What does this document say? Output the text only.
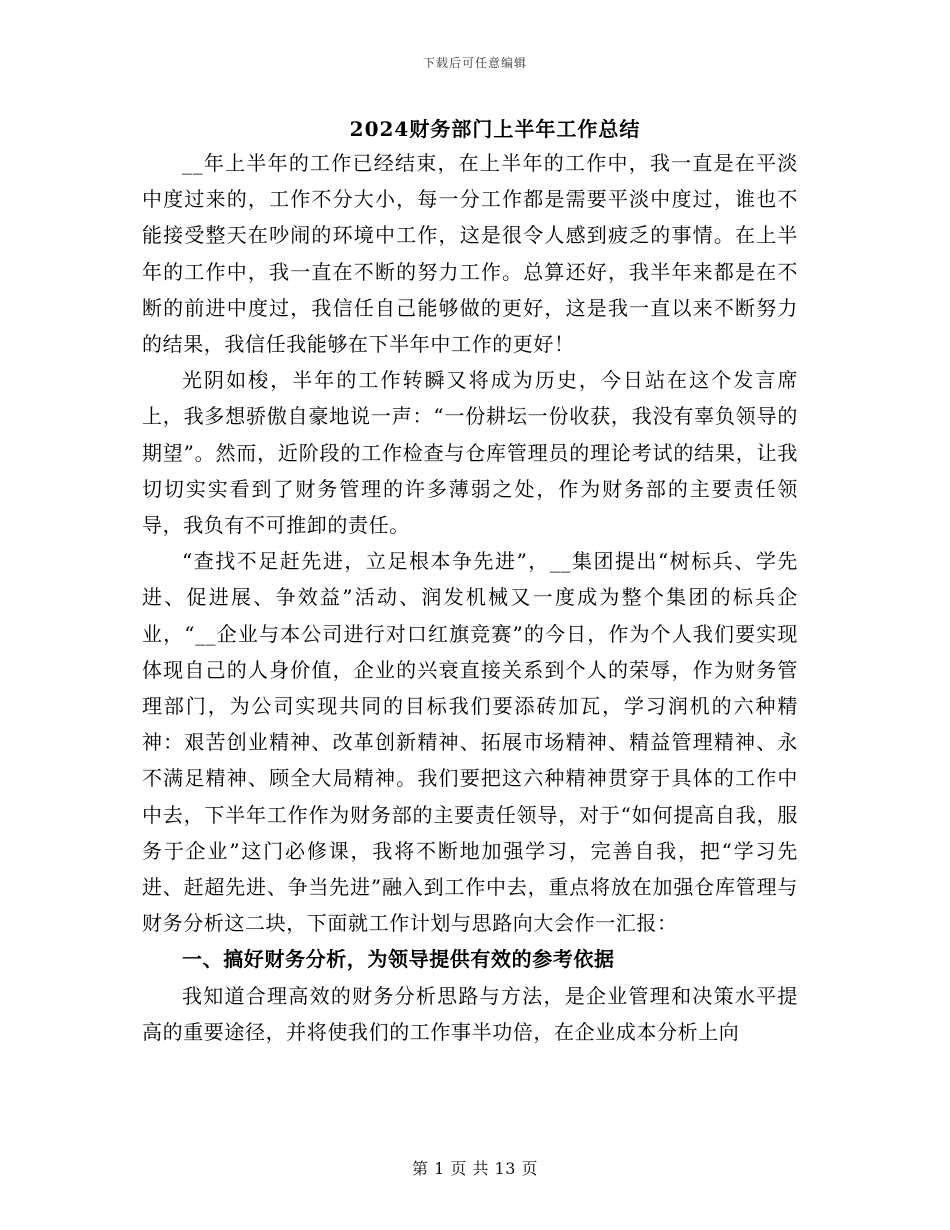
下载后可任意编辑
2024财务部门上半年工作总结

__年上半年的工作已经结束，在上半年的工作中，我一直是在平淡中度过来的，工作不分大小，每一分工作都是需要平淡中度过，谁也不能接受整天在吵闹的环境中工作，这是很令人感到疲乏的事情。在上半年的工作中，我一直在不断的努力工作。总算还好，我半年来都是在不断的前进中度过，我信任自己能够做的更好，这是我一直以来不断努力的结果，我信任我能够在下半年中工作的更好！

光阴如梭，半年的工作转瞬又将成为历史，今日站在这个发言席上，我多想骄傲自豪地说一声：“一份耕坛一份收获，我没有辜负领导的期望”。然而，近阶段的工作检查与仓库管理员的理论考试的结果，让我切切实实看到了财务管理的许多薄弱之处，作为财务部的主要责任领导，我负有不可推卸的责任。

“查找不足赶先进，立足根本争先进”，__集团提出“树标兵、学先进、促进展、争效益”活动、润发机械又一度成为整个集团的标兵企业，“__企业与本公司进行对口红旗竞赛”的今日，作为个人我们要实现体现自己的人身价值，企业的兴衰直接关系到个人的荣辱，作为财务管理部门，为公司实现共同的目标我们要添砖加瓦，学习润机的六种精神：艰苦创业精神、改革创新精神、拓展市场精神、精益管理精神、永不满足精神、顾全大局精神。我们要把这六种精神贯穿于具体的工作中中去，下半年工作作为财务部的主要责任领导，对于“如何提高自我，服务于企业”这门必修课，我将不断地加强学习，完善自我，把“学习先进、赶超先进、争当先进”融入到工作中去，重点将放在加强仓库管理与财务分析这二块，下面就工作计划与思路向大会作一汇报：

一、搞好财务分析，为领导提供有效的参考依据

我知道合理高效的财务分析思路与方法，是企业管理和决策水平提高的重要途径，并将使我们的工作事半功倍，在企业成本分析上向

第 1 页 共 13 页
